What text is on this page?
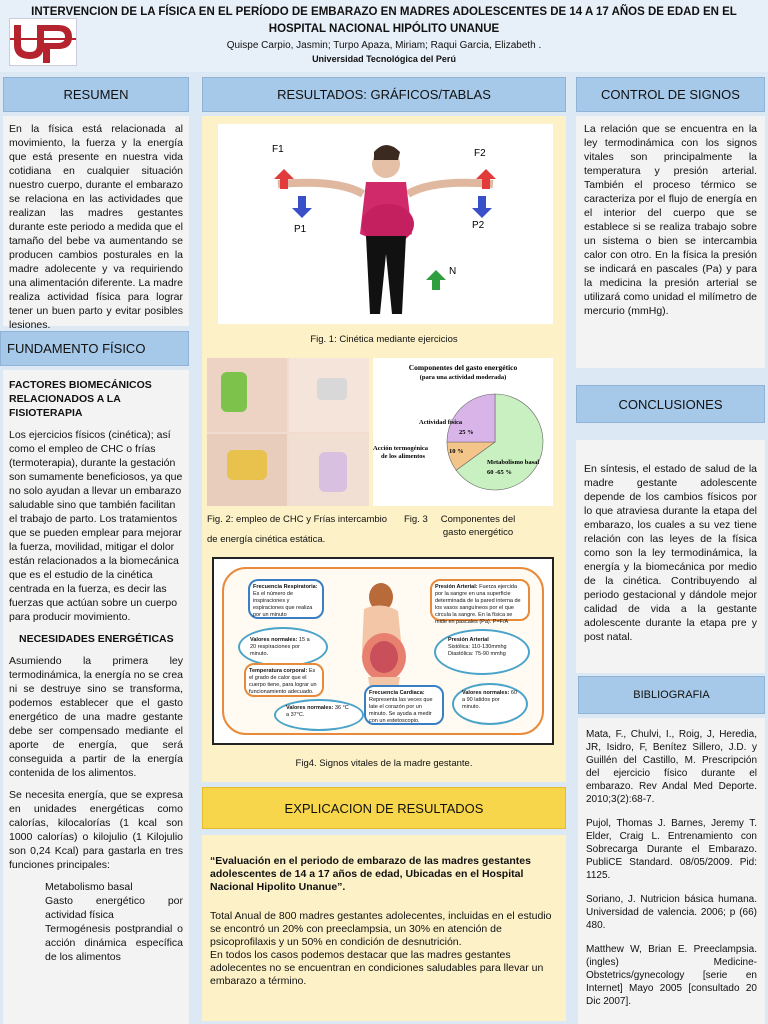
INTERVENCION DE LA FÍSICA EN EL PERÍODO DE EMBARAZO EN MADRES ADOLESCENTES DE 14 A 17 AÑOS DE EDAD EN EL HOSPITAL NACIONAL HIPÓLITO UNANUE
Quispe Carpio, Jasmin; Turpo Apaza, Miriam; Raqui Garcia, Elizabeth .
Universidad Tecnológica del Perú
RESUMEN

En la física está relacionada al movimiento, la fuerza y la energía que está presente en nuestra vida cotidiana en cualquier situación nuestro cuerpo, durante el embarazo se relaciona en las actividades que realizan las madres gestantes durante este periodo a medida que el tamaño del bebe va aumentando se producen cambios posturales en la madre adolecente y va requiriendo una alimentación diferente. La madre realiza actividad física para lograr tener un buen parto y evitar posibles lesiones.

FUNDAMENTO FÍSICO

FACTORES BIOMECÁNICOS RELACIONADOS A LA FISIOTERAPIA

Los ejercicios físicos (cinética); así como el empleo de CHC o frías (termoterapia), durante la gestación son sumamente beneficiosos, ya que no solo ayudan a llevar un embarazo saludable sino que también facilitan el trabajo de parto. Los tratamientos que se pueden emplear para mejorar la fuerza, movilidad, mitigar el dolor están relacionados a la biomecánica que es el estudio de la cinética centrada en la fuerza, es decir las fuerzas que actúan sobre un cuerpo para producir movimiento.

NECESIDADES ENERGÉTICAS

Asumiendo la primera ley termodinámica, la energía no se crea ni se destruye sino se transforma, podemos establecer que el gasto energético de una madre gestante debe ser compensado mediante el aporte de energía, que será conseguida a partir de la energía contenida de los alimentos.

Se necesita energía, que se expresa en unidades energéticas como calorías, kilocalorías (1 kcal son 1000 calorías) o kilojulio (1 Kilojulio son 0,24 Kcal) para gastarla en tres funciones principales:

Metabolismo basal
Gasto energético por actividad física
Termogénesis postprandial o acción dinámica específica de los alimentos
RESULTADOS: GRÁFICOS/TABLAS
F1	F2
P1	P2
N
Fig. 1: Cinética mediante ejercicios
Componentes del gasto energético
(para una actividad moderada)
Actividad física
25 %
Acción termogénica
de los alimentos
10 %
Metabolismo basal
60 -65 %
Fig. 2: empleo de CHC y Frías intercambio
de energía cinética estática.
Fig. 3	Componentes del gasto energético
Frecuencia Respiratoria: Es el número de inspiraciones y espiraciones que realiza por un minuto
Valores normales: 15 a 20 respiraciones por minuto.
Temperatura corporal: Es el grado de calor que el cuerpo tiene, para lograr un funcionamiento adecuado.
Valores normales: 36 °C a 37°C.
Presión Arterial: Fuerza ejercida por la sangre en una superficie determinada de la pared interna de los vasos sanguíneos por el que circula la sangre. En la física se mide en pascales (Pa). P=F/A
Presión Arterial
Sistólica: 110-130mmhg
Diastólica: 75-90 mmhg
Frecuencia Cardiaca: Representa las veces que late el corazón por un minuto. Se ayuda a medir con un estetoscopio.
Valores normales: 60 a 90 latidos por minuto.
Fig4. Signos vitales de la madre gestante.
EXPLICACION DE RESULTADOS

“Evaluación en el periodo de embarazo de las madres gestantes adolescentes de 14 a 17 años de edad, Ubicadas en el Hospital Nacional Hipolito Unanue”.

Total Anual de 800 madres gestantes adolecentes, incluidas en el estudio se encontró un 20% con preeclampsia, un 30% en atención de psicoprofilaxis y un 50% en condición de desnutrición.

En todos los casos podemos destacar que las madres gestantes adolecentes no se encuentran en condiciones saludables para llevar un embarazo a término.

CONTROL DE SIGNOS

La relación que se encuentra en la ley termodinámica con los signos vitales son principalmente la temperatura y presión arterial. También el proceso térmico se caracteriza por el flujo de energía en el interior del cuerpo que se establece si se realiza trabajo sobre un sistema o bien se intercambia calor con otro. En la física la presión se indicará en pascales (Pa) y para la medicina la presión arterial se utilizará como unidad el milímetro de mercurio (mmHg).

CONCLUSIONES

En síntesis, el estado de salud de la madre gestante adolescente depende de los cambios físicos por lo que atraviesa durante la etapa del embarazo, los cuales a su vez tiene relación con las leyes de la física como son la ley termodinámica, la energía y la biomecánica por medio de la cinética. Contribuyendo al periodo gestacional y dándole mejor calidad de vida a la gestante adolescente durante la etapa pre y post natal.

BIBLIOGRAFIA

Mata, F., Chulvi, I., Roig, J, Heredia, JR, Isidro, F, Benítez Sillero, J.D. y Guillén del Castillo, M. Prescripción del ejercicio físico durante el embarazo. Rev Andal Med Deporte. 2010;3(2):68-7.

Pujol, Thomas J. Barnes, Jeremy T. Elder, Craig L. Entrenamiento con Sobrecarga Durante el Embarazo. PubliCE Standard. 08/05/2009. Pid: 1125.

Soriano, J. Nutricion básica humana. Universidad de valencia. 2006; p (66) 480.

Matthew W, Brian E. Preeclampsia. (ingles) Medicine-Obstetrics/gynecology [serie en Internet] Mayo 2005 [consultado 20 Dic 2007].
